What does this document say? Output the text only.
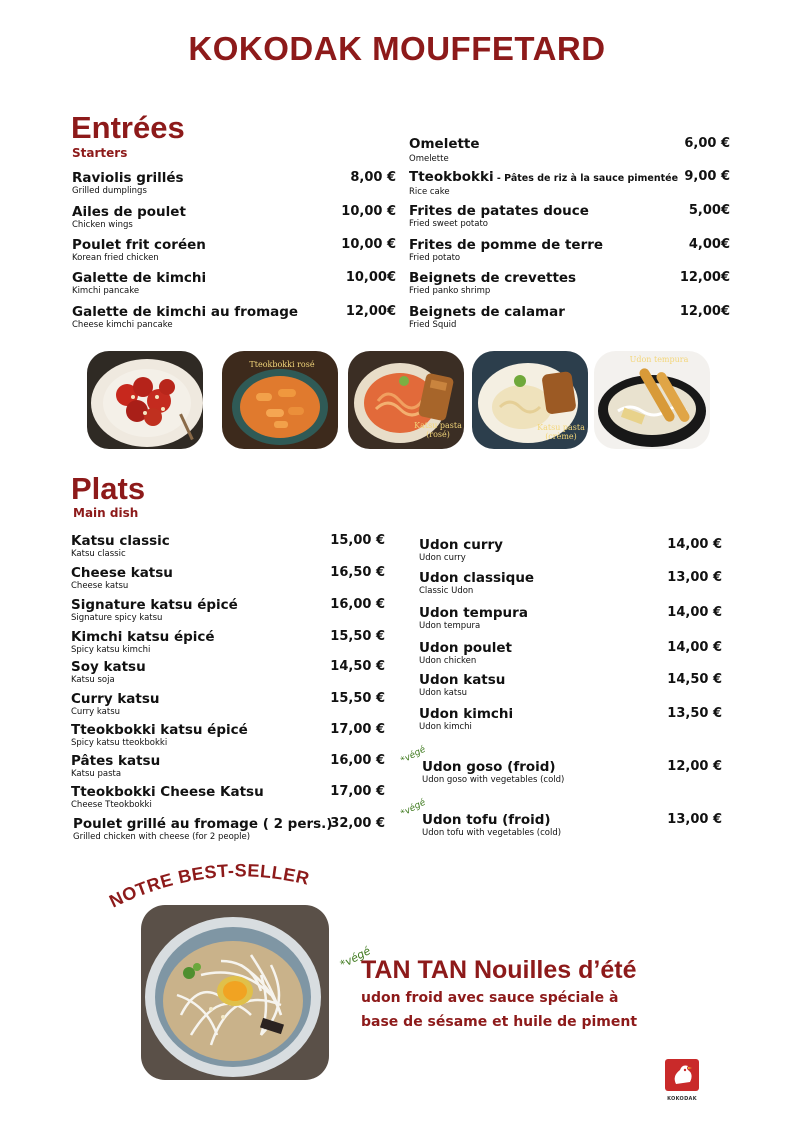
KOKODAK MOUFFETARD
Entrées
Starters
Raviolis grillés
Grilled dumplings
8,00 €
Ailes de poulet
Chicken wings
10,00 €
Poulet frit coréen
Korean fried chicken
10,00 €
Galette de kimchi
Kimchi pancake
10,00€
Galette de kimchi au fromage
Cheese kimchi pancake
12,00€
Omelette
Omelette
6,00 €
Tteokbokki - Pâtes de riz à la sauce pimentée
Rice cake
9,00 €
Frites de patates douce
Fried sweet potato
5,00€
Frites de pomme de terre
Fried potato
4,00€
Beignets de crevettes
Fried panko shrimp
12,00€
Beignets de calamar
Fried Squid
12,00€
Tteokbokki rosé
Katsu pasta (rosé)
Katsu pasta (crème)
Udon tempura
Plats
Main dish
Katsu classic
Katsu classic
15,00 €
Cheese katsu
Cheese katsu
16,50 €
Signature katsu épicé
Signature spicy katsu
16,00 €
Kimchi katsu épicé
Spicy katsu kimchi
15,50 €
Soy katsu
Katsu soja
14,50 €
Curry katsu
Curry katsu
15,50 €
Tteokbokki katsu épicé
Spicy katsu tteokbokki
17,00 €
Pâtes katsu
Katsu pasta
16,00 €
Tteokbokki Cheese Katsu
Cheese Tteokbokki
17,00 €
Poulet grillé au fromage ( 2 pers.)
Grilled chicken with cheese (for 2 people)
32,00 €
Udon curry
Udon curry
14,00 €
Udon classique
Classic Udon
13,00 €
Udon tempura
Udon tempura
14,00 €
Udon poulet
Udon chicken
14,00 €
Udon katsu
Udon katsu
14,50 €
Udon kimchi
Udon kimchi
13,50 €
*végé
Udon goso (froid)
Udon goso with vegetables (cold)
12,00 €
*végé
Udon tofu (froid)
Udon tofu with vegetables (cold)
13,00 €
NOTRE BEST-SELLER
*végé
TAN TAN Nouilles d’été
udon froid avec sauce spéciale à
base de sésame et huile de piment
KOKODAK
